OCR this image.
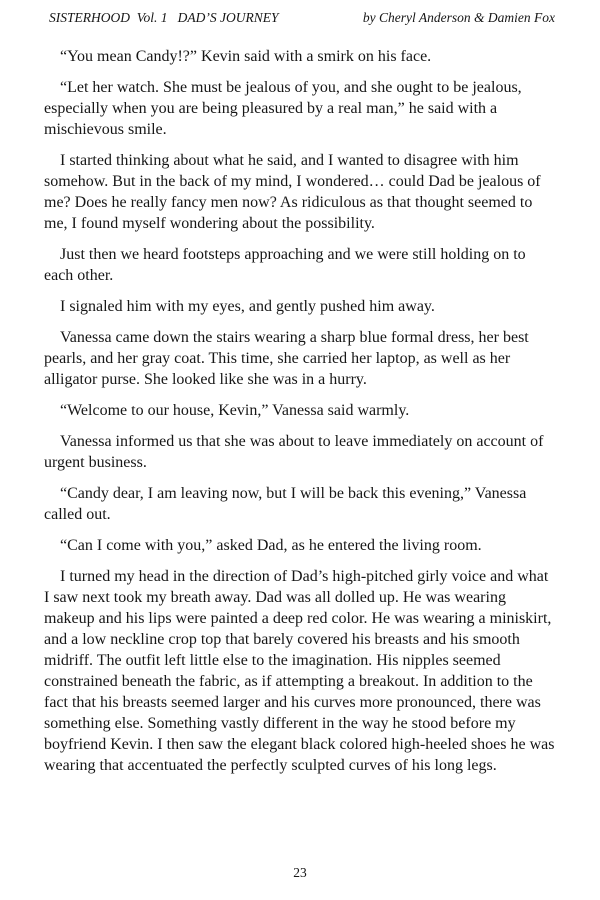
SISTERHOOD  Vol. 1   DAD’S JOURNEY	by Cheryl Anderson & Damien Fox

“You mean Candy!?” Kevin said with a smirk on his face.

“Let her watch. She must be jealous of you, and she ought to be jealous, especially when you are being pleasured by a real man,” he said with a mischievous smile.

I started thinking about what he said, and I wanted to disagree with him somehow. But in the back of my mind, I wondered… could Dad be jealous of me? Does he really fancy men now? As ridiculous as that thought seemed to me, I found myself wondering about the possibility.

Just then we heard footsteps approaching and we were still holding on to each other.

I signaled him with my eyes, and gently pushed him away.

Vanessa came down the stairs wearing a sharp blue formal dress, her best pearls, and her gray coat. This time, she carried her laptop, as well as her alligator purse. She looked like she was in a hurry.

“Welcome to our house, Kevin,” Vanessa said warmly.

Vanessa informed us that she was about to leave immediately on account of urgent business.

“Candy dear, I am leaving now, but I will be back this evening,” Vanessa called out.

“Can I come with you,” asked Dad, as he entered the living room.

I turned my head in the direction of Dad’s high-pitched girly voice and what I saw next took my breath away. Dad was all dolled up. He was wearing makeup and his lips were painted a deep red color. He was wearing a miniskirt, and a low neckline crop top that barely covered his breasts and his smooth midriff. The outfit left little else to the imagination. His nipples seemed constrained beneath the fabric, as if attempting a breakout. In addition to the fact that his breasts seemed larger and his curves more pronounced, there was something else. Something vastly different in the way he stood before my boyfriend Kevin. I then saw the elegant black colored high-heeled shoes he was wearing that accentuated the perfectly sculpted curves of his long legs.

23
